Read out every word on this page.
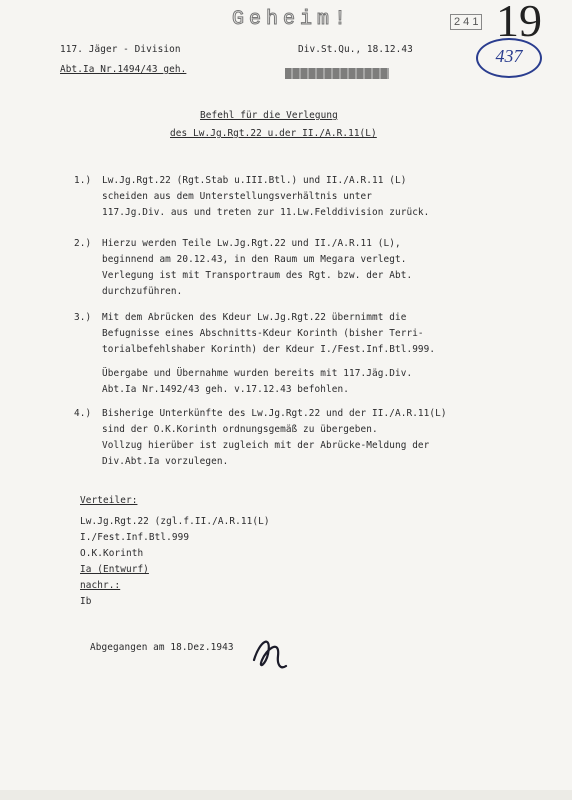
Geheim!	2 4 1 19
437
117. Jäger - Division
Abt.Ia Nr.1494/43 geh.
Div.St.Qu., 18.12.43
Befehl für die Verlegung
des Lw.Jg.Rgt.22 u.der II./A.R.11(L)
1.) Lw.Jg.Rgt.22 (Rgt.Stab u.III.Btl.) und II./A.R.11 (L)
scheiden aus dem Unterstellungsverhältnis unter
117.Jg.Div. aus und treten zur 11.Lw.Felddivision zurück.
2.) Hierzu werden Teile Lw.Jg.Rgt.22 und II./A.R.11 (L),
beginnend am 20.12.43, in den Raum um Megara verlegt.
Verlegung ist mit Transportraum des Rgt. bzw. der Abt.
durchzuführen.
3.) Mit dem Abrücken des Kdeur Lw.Jg.Rgt.22 übernimmt die
Befugnisse eines Abschnitts-Kdeur Korinth (bisher Terri-
torialbefehlshaber Korinth) der Kdeur I./Fest.Inf.Btl.999.
Übergabe und Übernahme wurden bereits mit 117.Jäg.Div.
Abt.Ia Nr.1492/43 geh. v.17.12.43 befohlen.
4.) Bisherige Unterkünfte des Lw.Jg.Rgt.22 und der II./A.R.11(L)
sind der O.K.Korinth ordnungsgemäß zu übergeben.
Vollzug hierüber ist zugleich mit der Abrücke-Meldung der
Div.Abt.Ia vorzulegen.
Verteiler:
Lw.Jg.Rgt.22 (zgl.f.II./A.R.11(L)
I./Fest.Inf.Btl.999
O.K.Korinth
Ia (Entwurf)
nachr.:
Ib
Abgegangen am 18.Dez.1943
